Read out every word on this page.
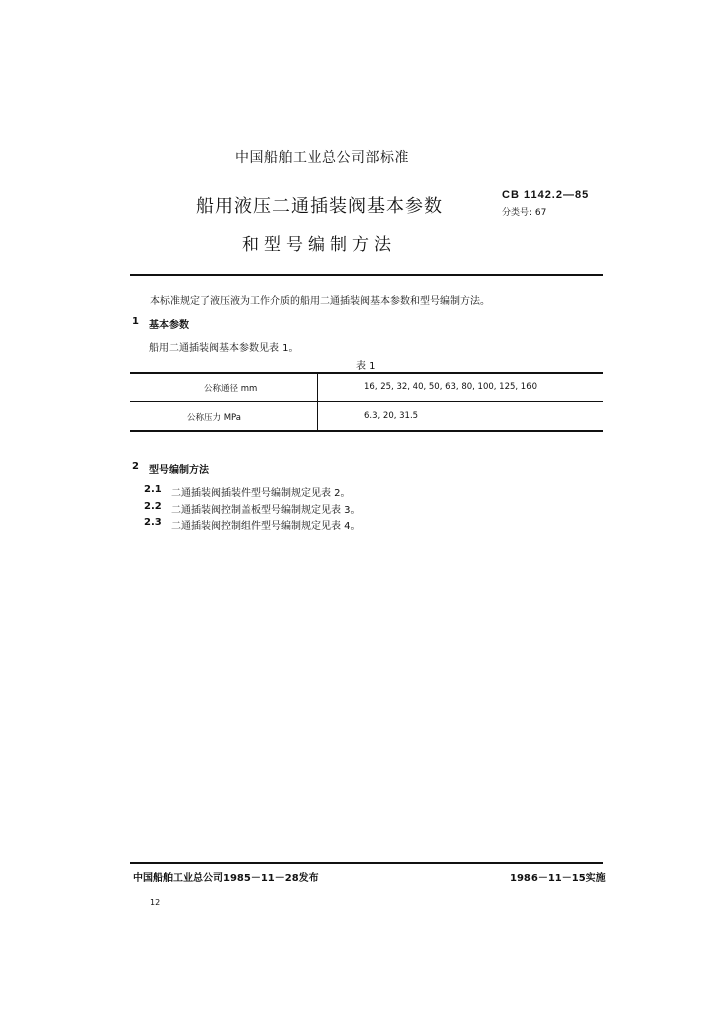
中国船舶工业总公司部标准
船用液压二通插装阀基本参数
和型号编制方法
CB 1142.2—85
分类号: 67
本标准规定了液压液为工作介质的船用二通插装阀基本参数和型号编制方法。
1 基本参数
船用二通插装阀基本参数见表 1。
表 1
公称通径 mm	16, 25, 32, 40, 50, 63, 80, 100, 125, 160
公称压力 MPa	6.3, 20, 31.5
2 型号编制方法
2.1 二通插装阀插装件型号编制规定见表 2。
2.2 二通插装阀控制盖板型号编制规定见表 3。
2.3 二通插装阀控制组件型号编制规定见表 4。
中国船舶工业总公司1985－11－28发布	1986－11－15实施
12
